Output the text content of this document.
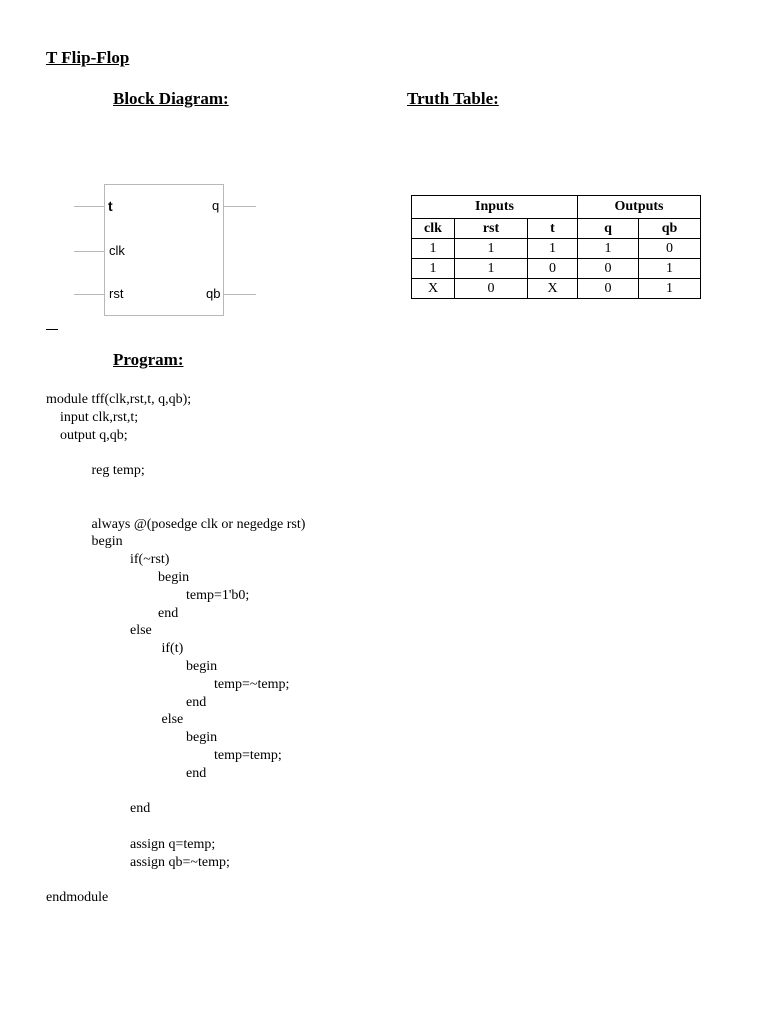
T Flip-Flop
Block Diagram:	Truth Table:
t
clk
rst
q
qb
Inputs			Outputs	
clk	rst	t	q	qb
1	1	1	1	0
1	1	0	0	1
X	0	X	0	1
Program:
module tff(clk,rst,t, q,qb);
input clk,rst,t;
output q,qb;

reg temp;

always @(posedge clk or negedge rst)
begin
if(~rst)
begin
temp=1'b0;
end
else
if(t)
begin
temp=~temp;
end
else
begin
temp=temp;
end

end

assign q=temp;
assign qb=~temp;

endmodule
